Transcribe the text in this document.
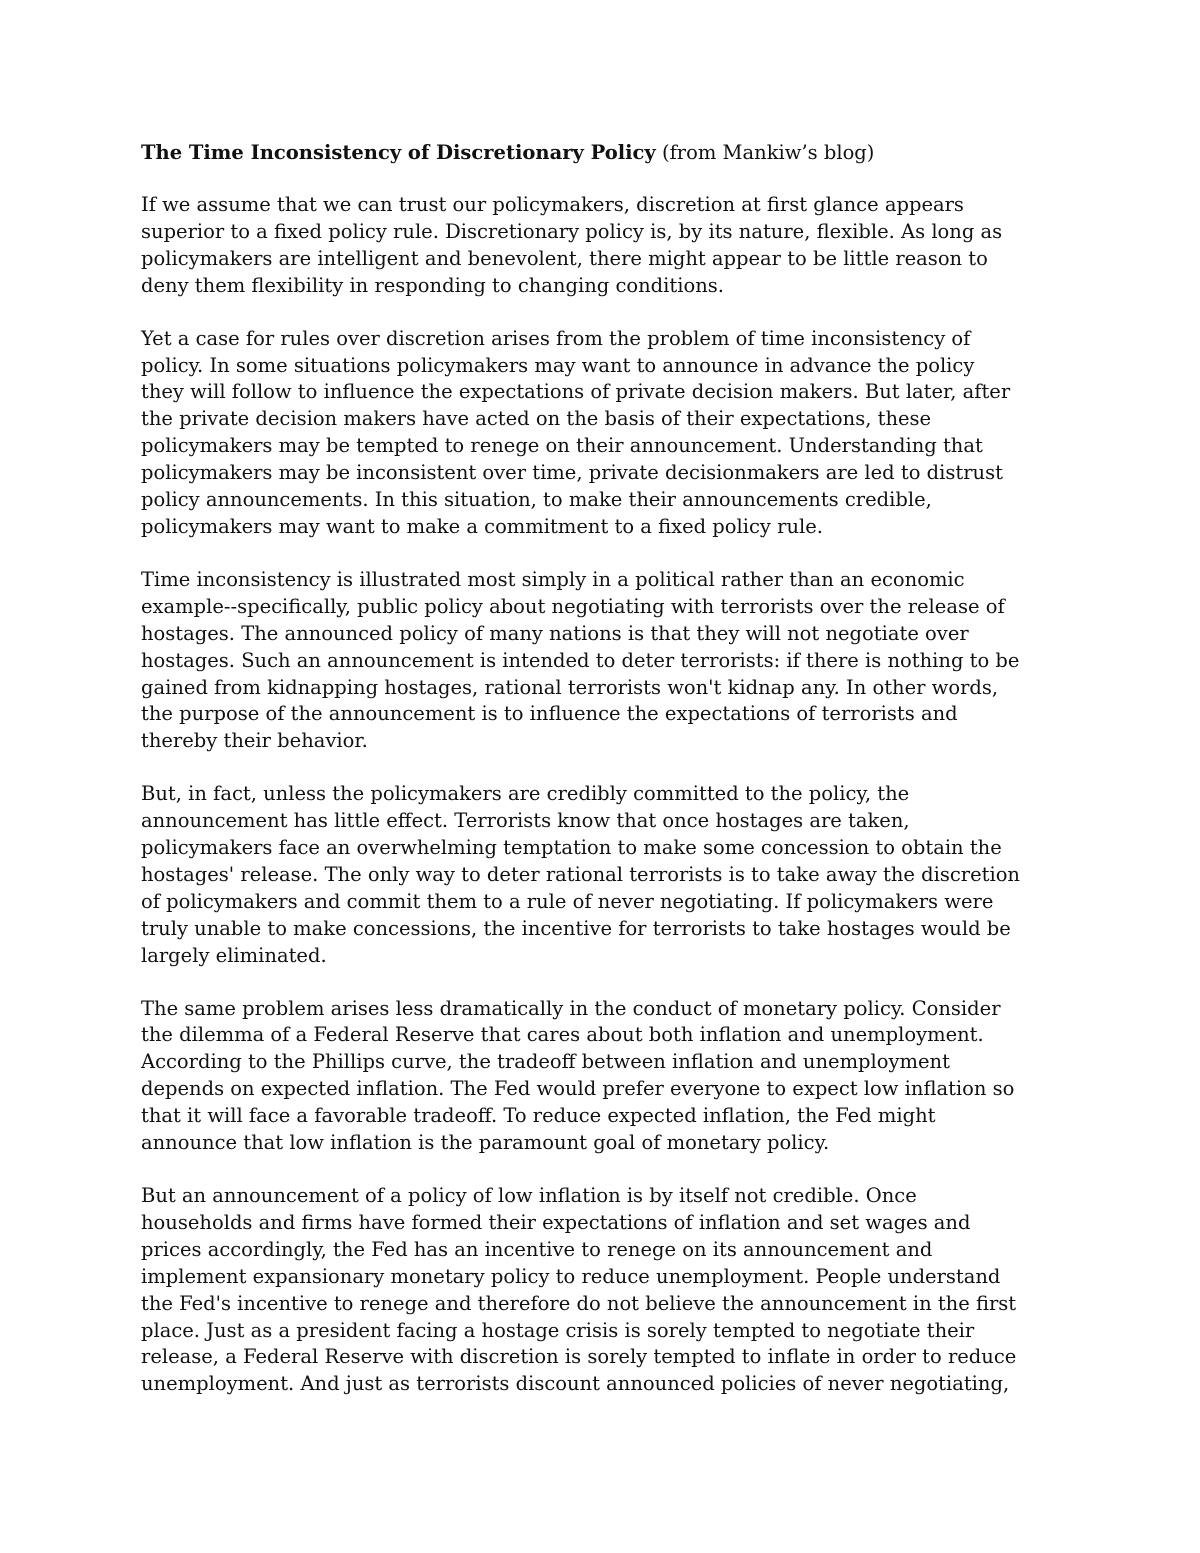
The Time Inconsistency of Discretionary Policy (from Mankiw’s blog)
If we assume that we can trust our policymakers, discretion at first glance appears
superior to a fixed policy rule. Discretionary policy is, by its nature, flexible. As long as
policymakers are intelligent and benevolent, there might appear to be little reason to
deny them flexibility in responding to changing conditions.
Yet a case for rules over discretion arises from the problem of time inconsistency of
policy. In some situations policymakers may want to announce in advance the policy
they will follow to influence the expectations of private decision makers. But later, after
the private decision makers have acted on the basis of their expectations, these
policymakers may be tempted to renege on their announcement. Understanding that
policymakers may be inconsistent over time, private decisionmakers are led to distrust
policy announcements. In this situation, to make their announcements credible,
policymakers may want to make a commitment to a fixed policy rule.
Time inconsistency is illustrated most simply in a political rather than an economic
example--specifically, public policy about negotiating with terrorists over the release of
hostages. The announced policy of many nations is that they will not negotiate over
hostages. Such an announcement is intended to deter terrorists: if there is nothing to be
gained from kidnapping hostages, rational terrorists won't kidnap any. In other words,
the purpose of the announcement is to influence the expectations of terrorists and
thereby their behavior.
But, in fact, unless the policymakers are credibly committed to the policy, the
announcement has little effect. Terrorists know that once hostages are taken,
policymakers face an overwhelming temptation to make some concession to obtain the
hostages' release. The only way to deter rational terrorists is to take away the discretion
of policymakers and commit them to a rule of never negotiating. If policymakers were
truly unable to make concessions, the incentive for terrorists to take hostages would be
largely eliminated.
The same problem arises less dramatically in the conduct of monetary policy. Consider
the dilemma of a Federal Reserve that cares about both inflation and unemployment.
According to the Phillips curve, the tradeoff between inflation and unemployment
depends on expected inflation. The Fed would prefer everyone to expect low inflation so
that it will face a favorable tradeoff. To reduce expected inflation, the Fed might
announce that low inflation is the paramount goal of monetary policy.
But an announcement of a policy of low inflation is by itself not credible. Once
households and firms have formed their expectations of inflation and set wages and
prices accordingly, the Fed has an incentive to renege on its announcement and
implement expansionary monetary policy to reduce unemployment. People understand
the Fed's incentive to renege and therefore do not believe the announcement in the first
place. Just as a president facing a hostage crisis is sorely tempted to negotiate their
release, a Federal Reserve with discretion is sorely tempted to inflate in order to reduce
unemployment. And just as terrorists discount announced policies of never negotiating,
